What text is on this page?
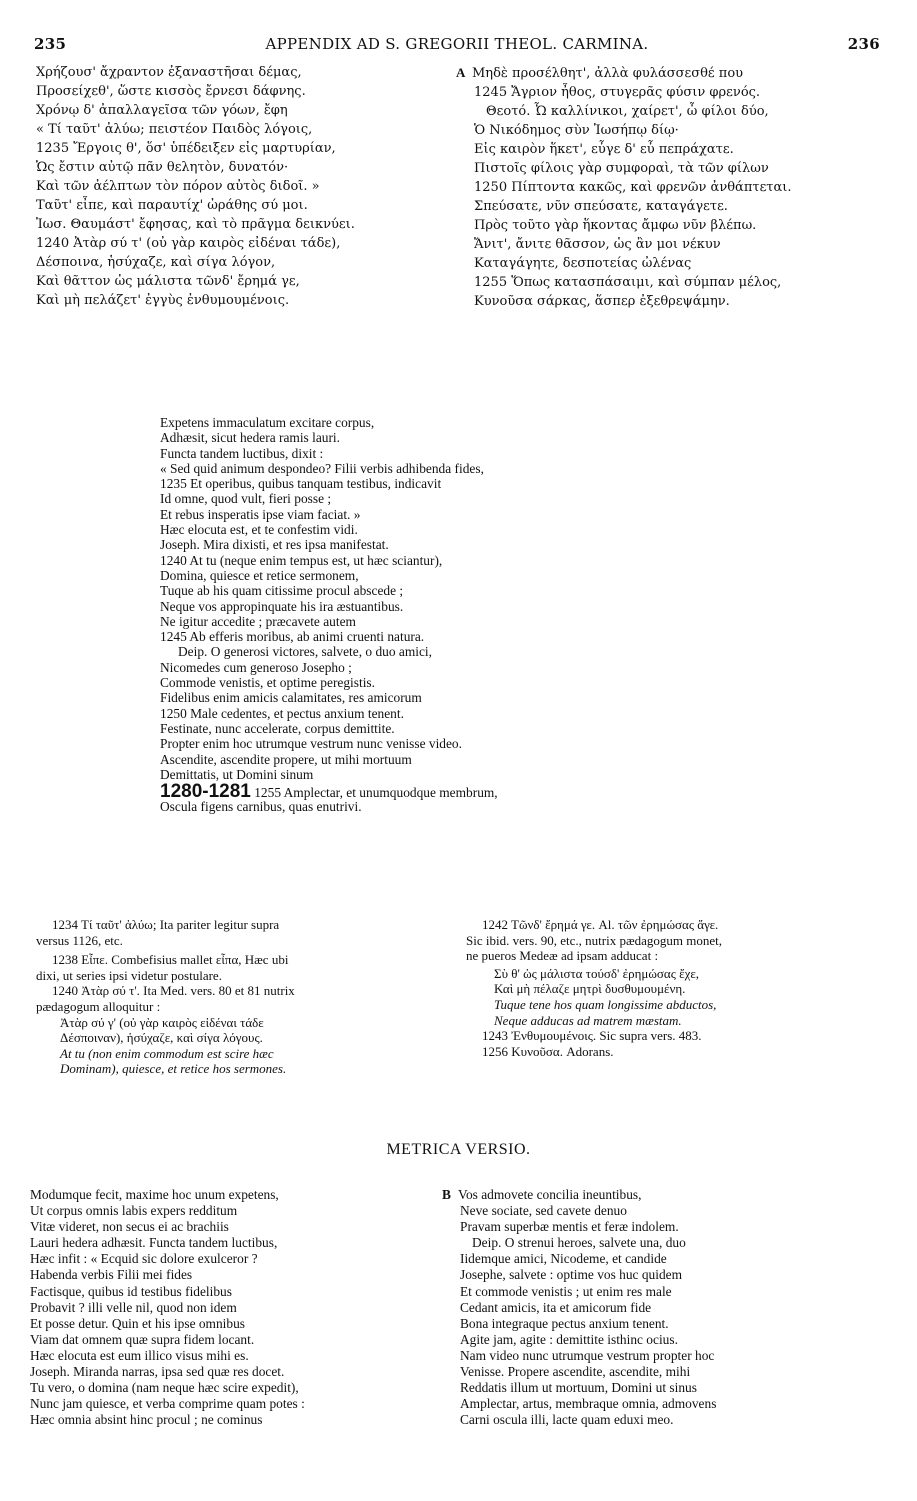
235	APPENDIX AD S. GREGORII THEOL. CARMINA.	236
Χρήζουσ' ἄχραντον ἐξαναστῆσαι δέμας,
Προσείχεθ', ὥστε κισσὸς ἔρνεσι δάφνης.
Χρόνῳ δ' ἀπαλλαγεῖσα τῶν γόων, ἔφη
« Τί ταῦτ' ἀλύω; πειστέον Παιδὸς λόγοις,
1235 Ἔργοις θ', ὅσ' ὑπέδειξεν εἰς μαρτυρίαν,
Ὡς ἔστιν αὐτῷ πᾶν θελητὸν, δυνατόν·
Καὶ τῶν ἀέλπτων τὸν πόρον αὐτὸς διδοῖ. »
Ταῦτ' εἶπε, καὶ παραυτίχ' ὠράθης σύ μοι.
Ἰωσ. Θαυμάστ' ἔφησας, καὶ τὸ πρᾶγμα δεικνύει.
1240 Ἀτὰρ σύ τ' (οὐ γὰρ καιρὸς εἰδέναι τάδε),
Δέσποινα, ἡσύχαζε, καὶ σίγα λόγον,
Καὶ θᾶττον ὡς μάλιστα τῶνδ' ἔρημά γε,
Καὶ μὴ πελάζετ' ἐγγὺς ἐνθυμουμένοις.
A Μηδὲ προσέλθητ', ἀλλὰ φυλάσσεσθέ που
1245 Ἄγριον ἦθος, στυγερᾶς φύσιν φρενός.
Θεοτό. Ὦ καλλίνικοι, χαίρετ', ὦ φίλοι δύο,
Ὁ Νικόδημος σὺν Ἰωσήπῳ δίῳ·
Εἰς καιρὸν ἥκετ', εὖγε δ' εὖ πεπράχατε.
Πιστοῖς φίλοις γὰρ συμφοραὶ, τὰ τῶν φίλων
1250 Πίπτοντα κακῶς, καὶ φρενῶν ἀνθάπτεται.
Σπεύσατε, νῦν σπεύσατε, καταγάγετε.
Πρὸς τοῦτο γὰρ ἥκοντας ἄμφω νῦν βλέπω.
Ἄνιτ', ἄνιτε θᾶσσον, ὡς ἂν μοι νέκυν
Καταγάγητε, δεσποτείας ὠλένας
1255 Ὅπως κατασπάσαιμι, καὶ σύμπαν μέλος,
Κυνοῦσα σάρκας, ἅσπερ ἐξεθρεψάμην.
Expetens immaculatum excitare corpus,
Adhæsit, sicut hedera ramis lauri.
Functa tandem luctibus, dixit :
« Sed quid animum despondeo? Filii verbis adhibenda fides,
1235 Et operibus, quibus tanquam testibus, indicavit
Id omne, quod vult, fieri posse ;
Et rebus insperatis ipse viam faciat. »
Hæc elocuta est, et te confestim vidi.
Joseph. Mira dixisti, et res ipsa manifestat.
1240 At tu (neque enim tempus est, ut hæc sciantur),
Domina, quiesce et retice sermonem,
Tuque ab his quam citissime procul abscede ;
Neque vos appropinquate his ira æstuantibus.
Ne igitur accedite ; præcavete autem
1245 Ab efferis moribus, ab animi cruenti natura.
Deip. O generosi victores, salvete, o duo amici,
Nicomedes cum generoso Josepho ;
Commode venistis, et optime peregistis.
Fidelibus enim amicis calamitates, res amicorum
1250 Male cedentes, et pectus anxium tenent.
Festinate, nunc accelerate, corpus demittite.
Propter enim hoc utrumque vestrum nunc venisse video.
Ascendite, ascendite propere, ut mihi mortuum
Demittatis, ut Domini sinum
1280-1281 1255 Amplectar, et unumquodque membrum,
Oscula figens carnibus, quas enutrivi.
1234 Τί ταῦτ' ἀλύω; Ita pariter legitur supra
versus 1126, etc.
1238 Εἶπε. Combefisius mallet εἶπα, Hæc ubi
dixi, ut series ipsi videtur postulare.
1240 Ἀτὰρ σύ τ'. Ita Med. vers. 80 et 81 nutrix
pædagogum alloquitur :
Ἀτὰρ σύ γ' (οὐ γὰρ καιρὸς εἰδέναι τάδε
Δέσποιναν), ἡσύχαζε, καὶ σίγα λόγους.
At tu (non enim commodum est scire hæc
Dominam), quiesce, et retice hos sermones.
1242 Τῶνδ' ἔρημά γε. Al. τῶν ἐρημώσας ἄγε.
Sic ibid. vers. 90, etc., nutrix pædagogum monet,
ne pueros Medeæ ad ipsam adducat :
Σὺ θ' ὡς μάλιστα τούσδ' ἐρημώσας ἔχε,
Καὶ μὴ πέλαζε μητρὶ δυσθυμουμένη.
Tuque tene hos quam longissime abductos,
Neque adducas ad matrem mæstam.
1243 Ἐνθυμουμένοις. Sic supra vers. 483.
1256 Κυνοῦσα. Adorans.
METRICA VERSIO.
Modumque fecit, maxime hoc unum expetens,
Ut corpus omnis labis expers redditum
Vitæ videret, non secus ei ac brachiis
Lauri hedera adhæsit. Functa tandem luctibus,
Hæc infit : « Ecquid sic dolore exulceror ?
Habenda verbis Filii mei fides
Factisque, quibus id testibus fidelibus
Probavit ? illi velle nil, quod non idem
Et posse detur. Quin et his ipse omnibus
Viam dat omnem quæ supra fidem locant.
Hæc elocuta est eum illico visus mihi es.
Joseph. Miranda narras, ipsa sed quæ res docet.
Tu vero, o domina (nam neque hæc scire expedit),
Nunc jam quiesce, et verba comprime quam potes :
Hæc omnia absint hinc procul ; ne cominus
B Vos admovete concilia ineuntibus,
Neve sociate, sed cavete denuo
Pravam superbæ mentis et feræ indolem.
Deip. O strenui heroes, salvete una, duo
Iidemque amici, Nicodeme, et candide
Josephe, salvete : optime vos huc quidem
Et commode venistis ; ut enim res male
Cedant amicis, ita et amicorum fide
Bona integraque pectus anxium tenent.
Agite jam, agite : demittite isthinc ocius.
Nam video nunc utrumque vestrum propter hoc
Venisse. Propere ascendite, ascendite, mihi
Reddatis illum ut mortuum, Domini ut sinus
Amplectar, artus, membraque omnia, admovens
Carni oscula illi, lacte quam eduxi meo.
